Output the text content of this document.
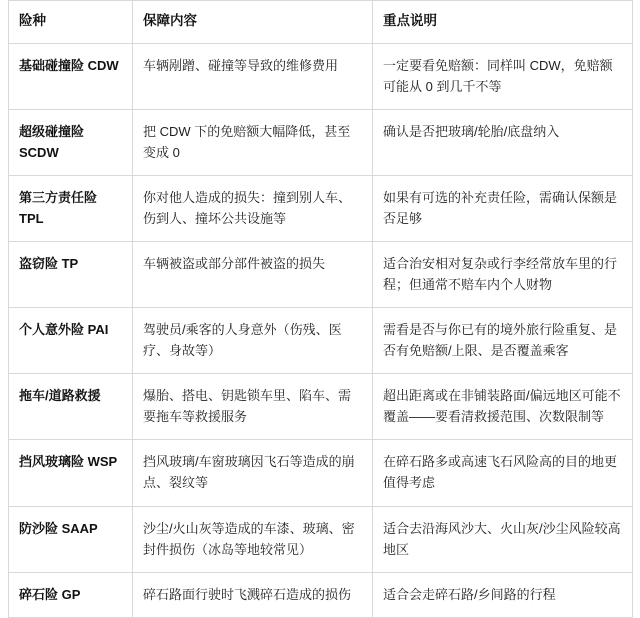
险种	保障内容	重点说明
基础碰撞险 CDW	车辆剐蹭、碰撞等导致的维修费用	一定要看免赔额：同样叫 CDW，免赔额可能从 0 到几千不等
超级碰撞险 SCDW	把 CDW 下的免赔额大幅降低，甚至变成 0	确认是否把玻璃/轮胎/底盘纳入
第三方责任险 TPL	你对他人造成的损失：撞到别人车、伤到人、撞坏公共设施等	如果有可选的补充责任险，需确认保额是否足够
盗窃险 TP	车辆被盗或部分部件被盗的损失	适合治安相对复杂或行李经常放车里的行程；但通常不赔车内个人财物
个人意外险 PAI	驾驶员/乘客的人身意外（伤残、医疗、身故等）	需看是否与你已有的境外旅行险重复、是否有免赔额/上限、是否覆盖乘客
拖车/道路救援	爆胎、搭电、钥匙锁车里、陷车、需要拖车等救援服务	超出距离或在非铺装路面/偏远地区可能不覆盖——要看清救援范围、次数限制等
挡风玻璃险 WSP	挡风玻璃/车窗玻璃因飞石等造成的崩点、裂纹等	在碎石路多或高速飞石风险高的目的地更值得考虑
防沙险 SAAP	沙尘/火山灰等造成的车漆、玻璃、密封件损伤（冰岛等地较常见）	适合去沿海风沙大、火山灰/沙尘风险较高地区
碎石险 GP	碎石路面行驶时飞溅碎石造成的损伤	适合会走碎石路/乡间路的行程
